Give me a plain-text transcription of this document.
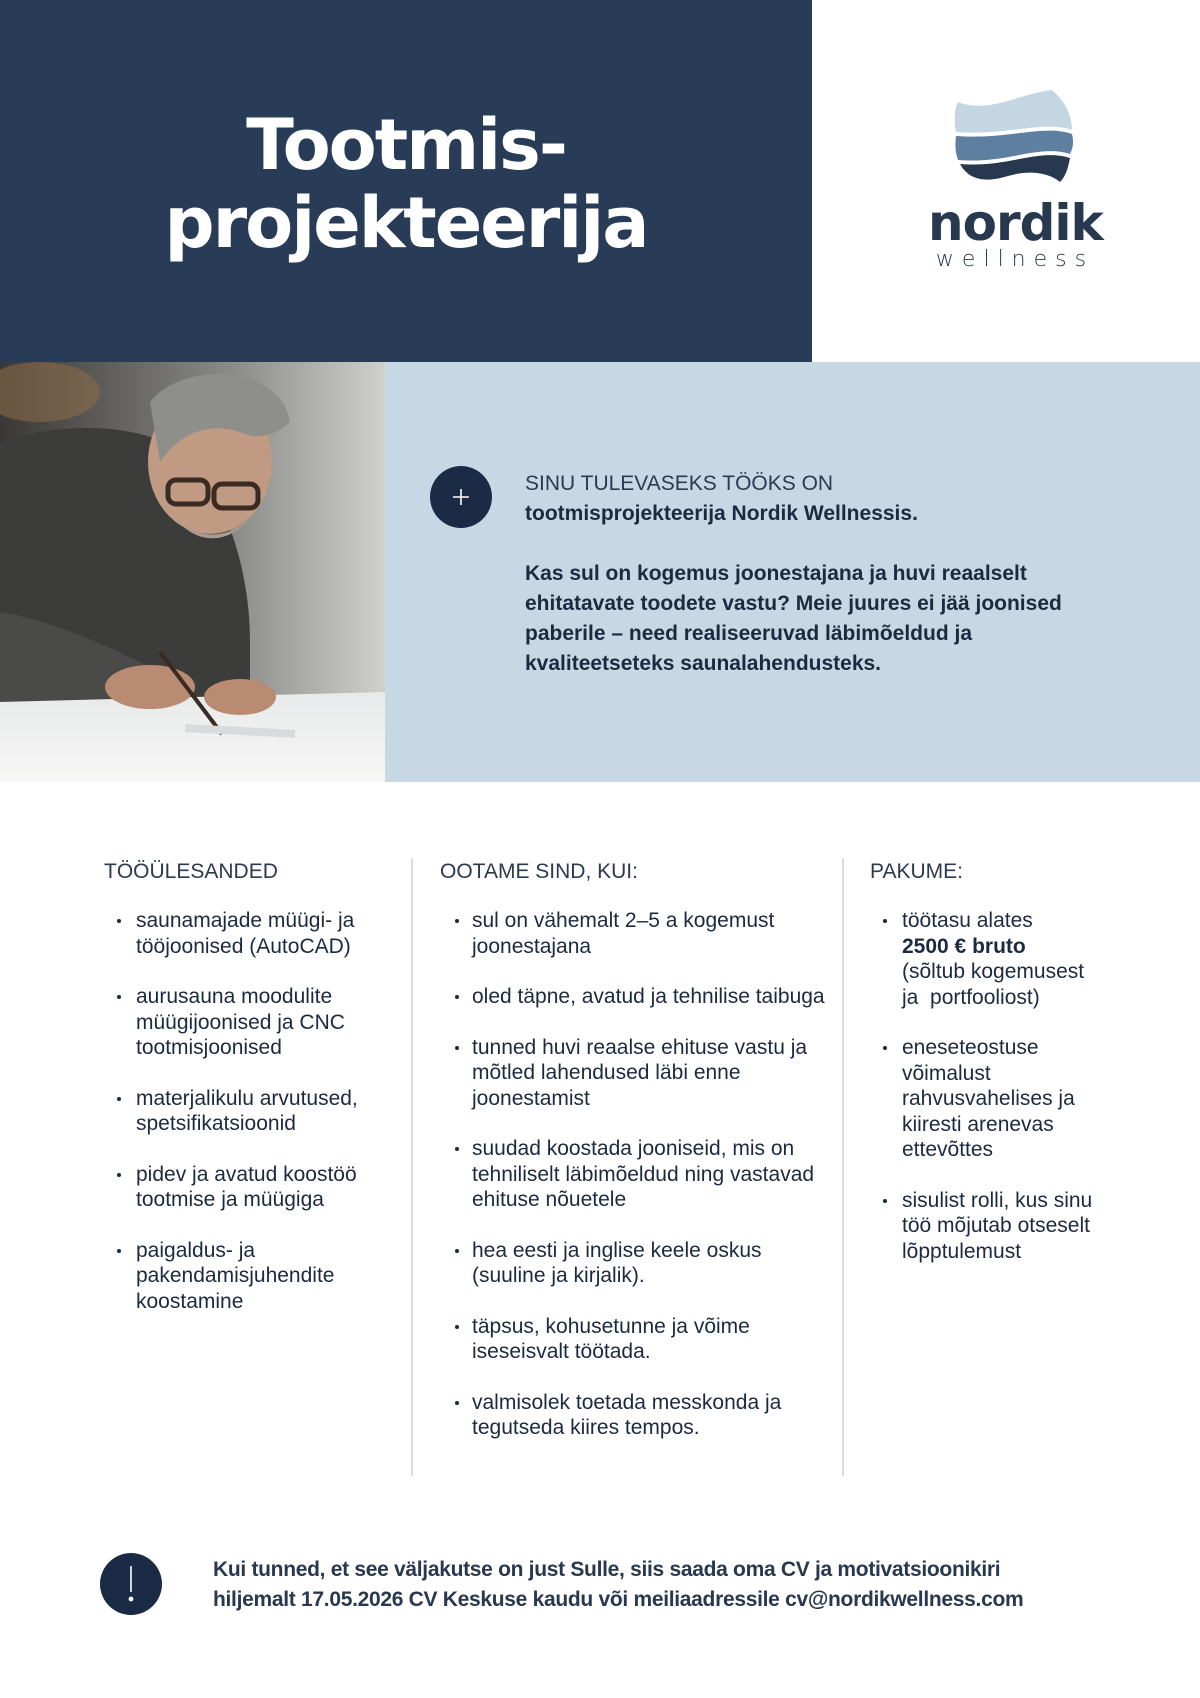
Tootmis-
projekteerija	nordik
wellness
SINU TULEVASEKS TÖÖKS ON
tootmisprojekteerija Nordik Wellnessis.
Kas sul on kogemus joonestajana ja huvi reaalselt ehitatavate toodete vastu? Meie juures ei jää joonised paberile – need realiseeruvad läbimõeldud ja kvaliteetseteks saunalahendusteks.
TÖÖÜLESANDED
saunamajade müügi- ja tööjoonised (AutoCAD)
aurusauna moodulite müügijoonised ja CNC tootmisjoonised
materjalikulu arvutused, spetsifikatsioonid
pidev ja avatud koostöö tootmise ja müügiga
paigaldus- ja pakendamisjuhendite koostamine
OOTAME SIND, KUI:
sul on vähemalt 2–5 a kogemust joonestajana
oled täpne, avatud ja tehnilise taibuga
tunned huvi reaalse ehituse vastu ja mõtled lahendused läbi enne joonestamist
suudad koostada jooniseid, mis on tehniliselt läbimõeldud ning vastavad ehituse nõuetele
hea eesti ja inglise keele oskus (suuline ja kirjalik).
täpsus, kohusetunne ja võime iseseisvalt töötada.
valmisolek toetada messkonda ja tegutseda kiires tempos.
PAKUME:
töötasu alates
2500 € bruto
(sõltub kogemusest ja  portfooliost)
eneseteostuse võimalust rahvusvahelises ja kiiresti arenevas ettevõttes
sisulist rolli, kus sinu töö mõjutab otseselt lõpptulemust
Kui tunned, et see väljakutse on just Sulle, siis saada oma CV ja motivatsioonikiri
hiljemalt 17.05.2026 CV Keskuse kaudu või meiliaadressile cv@nordikwellness.com
